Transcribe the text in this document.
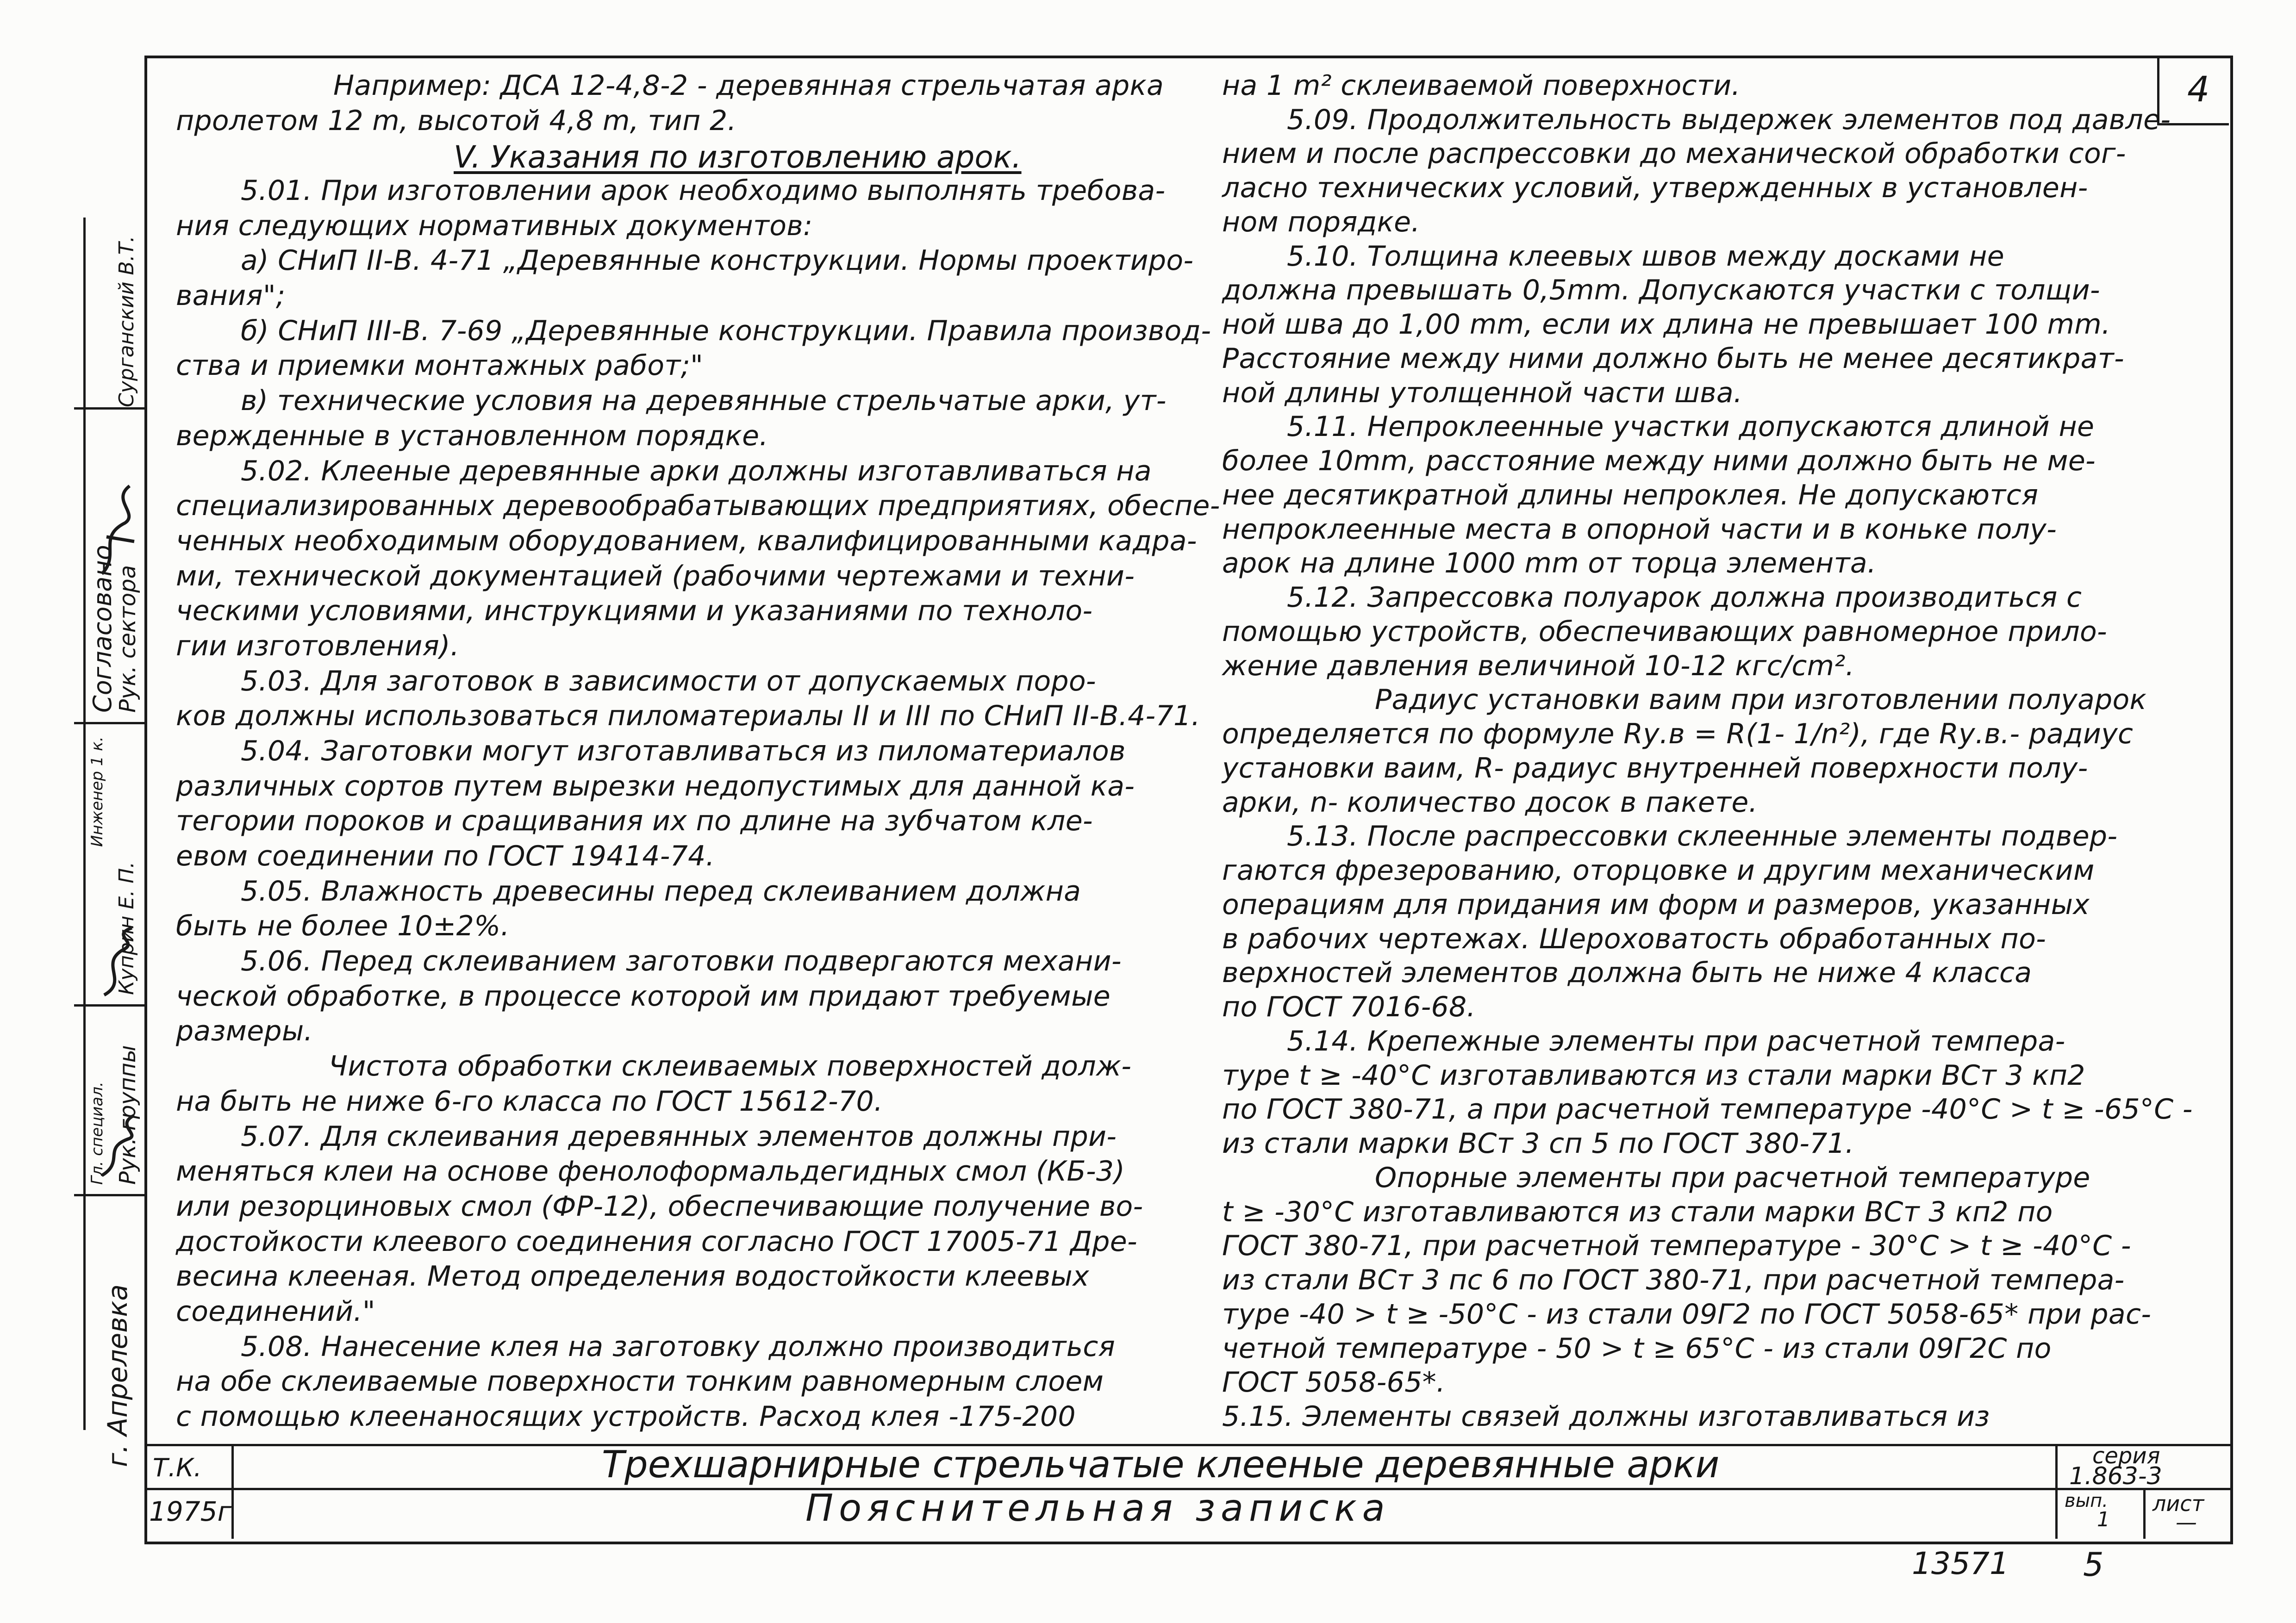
4
Сурганский В.Т.
Согласовано
Рук. сектора
Куприн Е. П.
Инженер 1 к.
Рук. группы
Гл. специал.
г. Апрелевка
Например: ДСА 12-4,8-2 - деревянная стрельчатая арка
пролетом 12 m, высотой 4,8 m, тип 2.
V. Указания по изготовлению арок.
5.01. При изготовлении арок необходимо выполнять требова-
ния следующих нормативных документов:
а) СНиП II-В. 4-71 „Деревянные конструкции. Нормы проектиро-
вания";
б) СНиП III-В. 7-69 „Деревянные конструкции. Правила производ-
ства и приемки монтажных работ;"
в) технические условия на деревянные стрельчатые арки, ут-
вержденные в установленном порядке.
5.02. Клееные деревянные арки должны изготавливаться на
специализированных деревообрабатывающих предприятиях, обеспе-
ченных необходимым оборудованием, квалифицированными кадра-
ми, технической документацией (рабочими чертежами и техни-
ческими условиями, инструкциями и указаниями по техноло-
гии изготовления).
5.03. Для заготовок в зависимости от допускаемых поро-
ков должны использоваться пиломатериалы II и III по СНиП II-В.4-71.
5.04. Заготовки могут изготавливаться из пиломатериалов
различных сортов путем вырезки недопустимых для данной ка-
тегории пороков и сращивания их по длине на зубчатом кле-
евом соединении по ГОСТ 19414-74.
5.05. Влажность древесины перед склеиванием должна
быть не более 10±2%.
5.06. Перед склеиванием заготовки подвергаются механи-
ческой обработке, в процессе которой им придают требуемые
размеры.
Чистота обработки склеиваемых поверхностей долж-
на быть не ниже 6-го класса по ГОСТ 15612-70.
5.07. Для склеивания деревянных элементов должны при-
меняться клеи на основе фенолоформальдегидных смол (КБ-3)
или резорциновых смол (ФР-12), обеспечивающие получение во-
достойкости клеевого соединения согласно ГОСТ 17005-71 Дре-
весина клееная. Метод определения водостойкости клеевых
соединений."
5.08. Нанесение клея на заготовку должно производиться
на обе склеиваемые поверхности тонким равномерным слоем
с помощью клеенаносящих устройств. Расход клея -175-200
на 1 m² склеиваемой поверхности.
5.09. Продолжительность выдержек элементов под давле-
нием и после распрессовки до механической обработки сог-
ласно технических условий, утвержденных в установлен-
ном порядке.
5.10. Толщина клеевых швов между досками не
должна превышать 0,5mm. Допускаются участки с толщи-
ной шва до 1,00 mm, если их длина не превышает 100 mm.
Расстояние между ними должно быть не менее десятикрат-
ной длины утолщенной части шва.
5.11. Непроклеенные участки допускаются длиной не
более 10mm, расстояние между ними должно быть не ме-
нее десятикратной длины непроклея. Не допускаются
непроклеенные места в опорной части и в коньке полу-
арок на длине 1000 mm от торца элемента.
5.12. Запрессовка полуарок должна производиться с
помощью устройств, обеспечивающих равномерное прило-
жение давления величиной 10-12 кгс/cm².
Радиус установки ваим при изготовлении полуарок
определяется по формуле Rу.в = R(1- 1/n²), где Rу.в.- радиус
установки ваим, R- радиус внутренней поверхности полу-
арки, n- количество досок в пакете.
5.13. После распрессовки склеенные элементы подвер-
гаются фрезерованию, оторцовке и другим механическим
операциям для придания им форм и размеров, указанных
в рабочих чертежах. Шероховатость обработанных по-
верхностей элементов должна быть не ниже 4 класса
по ГОСТ 7016-68.
5.14. Крепежные элементы при расчетной темпера-
туре t ≥ -40°C изготавливаются из стали марки ВСт 3 кп2
по ГОСТ 380-71, а при расчетной температуре -40°C > t ≥ -65°C -
из стали марки ВСт 3 сп 5 по ГОСТ 380-71.
Опорные элементы при расчетной температуре
t ≥ -30°C изготавливаются из стали марки ВСт 3 кп2 по
ГОСТ 380-71, при расчетной температуре - 30°C > t ≥ -40°C -
из стали ВСт 3 пс 6 по ГОСТ 380-71, при расчетной темпера-
туре -40 > t ≥ -50°C - из стали 09Г2 по ГОСТ 5058-65* при рас-
четной температуре - 50 > t ≥ 65°C - из стали 09Г2С по
ГОСТ 5058-65*.
5.15. Элементы связей должны изготавливаться из
Т.К.
1975г
Трехшарнирные стрельчатые клееные деревянные арки
Пояснительная записка
серия
1.863-3
вып.
1
лист
—
13571 5
